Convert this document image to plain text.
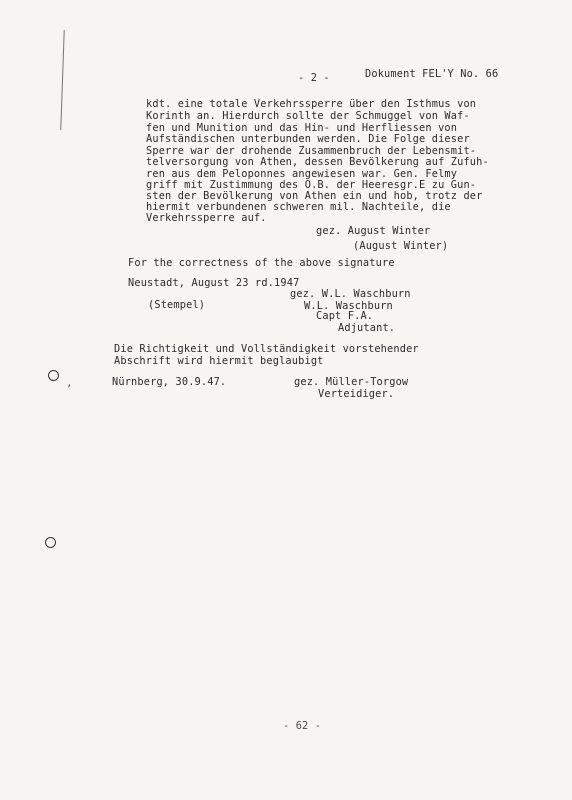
’
- 2 -	Dokument FEL'Y No. 66
kdt. eine totale Verkehrssperre über den Isthmus von
Korinth an. Hierdurch sollte der Schmuggel von Waf-
fen und Munition und das Hin- und Herfliessen von
Aufständischen unterbunden werden. Die Folge dieser
Sperre war der drohende Zusammenbruch der Lebensmit-
telversorgung von Athen, dessen Bevölkerung auf Zufuh-
ren aus dem Peloponnes angewiesen war. Gen. Felmy
griff mit Zustimmung des O.B. der Heeresgr.E zu Gun-
sten der Bevölkerung von Athen ein und hob, trotz der
hiermit verbundenen schweren mil. Nachteile, die
Verkehrssperre auf.
gez. August Winter
(August Winter)
For the correctness of the above signature
Neustadt, August 23 rd.1947
(Stempel)
gez. W.L. Waschburn
W.L. Waschburn
Capt F.A.
Adjutant.
Die Richtigkeit und Vollständigkeit vorstehender
Abschrift wird hiermit beglaubigt
Nürnberg, 30.9.47.	gez. Müller-Torgow
Verteidiger.
- 62 -
